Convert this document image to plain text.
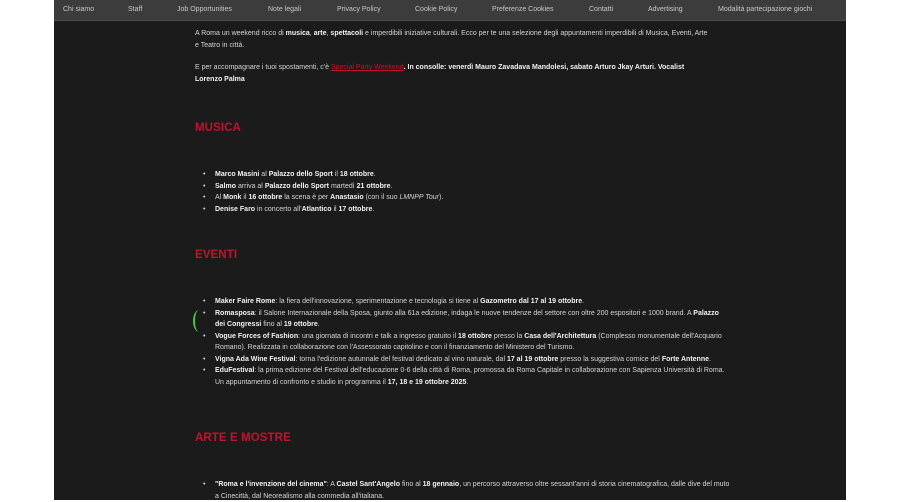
Chi siamo	Staff	Job Opportunities	Note legali	Privacy Policy	Cookie Policy	Preferenze Cookies	Contatti	Advertising	Modalità partecipazione giochi

A Roma un weekend ricco di musica, arte, spettacoli e imperdibili iniziative culturali. Ecco per te una selezione degli appuntamenti imperdibili di Musica, Eventi, Arte e Teatro in città.

E per accompagnare i tuoi spostamenti, c'è Special Party Weekend. In consolle: venerdì Mauro Zavadava Mandolesi, sabato Arturo Jkay Arturi. Vocalist Lorenzo Palma

MUSICA
• Marco Masini al Palazzo dello Sport il 18 ottobre.
• Salmo arriva al Palazzo dello Sport martedì 21 ottobre.
• Al Monk il 16 ottobre la scena è per Anastasio (con il suo LMNPP Tour).
• Denise Faro in concerto all'Atlantico il 17 ottobre.
EVENTI
• Maker Faire Rome: la fiera dell'innovazione, sperimentazione e tecnologia si tiene al Gazometro dal 17 al 19 ottobre.
• Romasposa: il Salone Internazionale della Sposa, giunto alla 61a edizione, indaga le nuove tendenze del settore con oltre 200 espositori e 1000 brand. A Palazzo dei Congressi fino al 19 ottobre.
• Vogue Forces of Fashion: una giornata di incontri e talk a ingresso gratuito il 18 ottobre presso la Casa dell'Architettura (Complesso monumentale dell'Acquario Romano). Realizzata in collaborazione con l'Assessorato capitolino e con il finanziamento del Ministero del Turismo.
• Vigna Ada Wine Festival: torna l'edizione autunnale del festival dedicato al vino naturale, dal 17 al 19 ottobre presso la suggestiva cornice del Forte Antenne.
• EduFestival: la prima edizione del Festival dell'educazione 0-6 della città di Roma, promossa da Roma Capitale in collaborazione con Sapienza Università di Roma. Un appuntamento di confronto e studio in programma il 17, 18 e 19 ottobre 2025.
ARTE E MOSTRE
• "Roma e l'invenzione del cinema": A Castel Sant'Angelo fino al 18 gennaio, un percorso attraverso oltre sessant'anni di storia cinematografica, dalle dive del muto a Cinecittà, dal Neorealismo alla commedia all'italiana.
